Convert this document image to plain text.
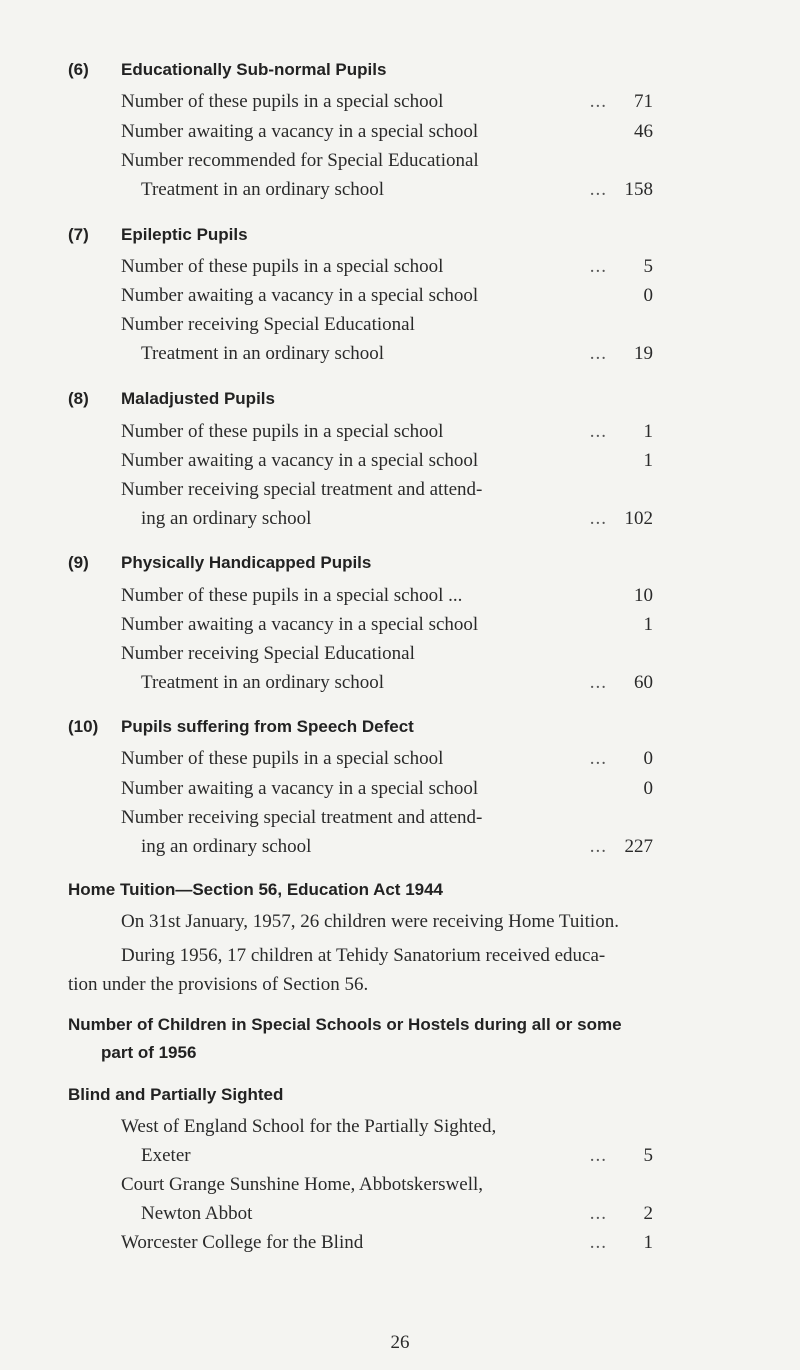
(6) Educationally Sub-normal Pupils
Number of these pupils in a special school	...	71
Number awaiting a vacancy in a special school	46
Number recommended for Special Educational
Treatment in an ordinary school	... 158
(7) Epileptic Pupils
Number of these pupils in a special school	...	5
Number awaiting a vacancy in a special school	0
Number receiving Special Educational
Treatment in an ordinary school	...	19
(8) Maladjusted Pupils
Number of these pupils in a special school	...	1
Number awaiting a vacancy in a special school	1
Number receiving special treatment and attend-
ing an ordinary school	... 102
(9) Physically Handicapped Pupils
Number of these pupils in a special school ...	10
Number awaiting a vacancy in a special school	1
Number receiving Special Educational
Treatment in an ordinary school	...	60
(10) Pupils suffering from Speech Defect
Number of these pupils in a special school	...	0
Number awaiting a vacancy in a special school	0
Number receiving special treatment and attend-
ing an ordinary school	... 227
Home Tuition—Section 56, Education Act 1944
On 31st January, 1957, 26 children were receiving Home Tuition.
During 1956, 17 children at Tehidy Sanatorium received educa-
tion under the provisions of Section 56.
Number of Children in Special Schools or Hostels during all or some
part of 1956
Blind and Partially Sighted
West of England School for the Partially Sighted,
Exeter	...	5
Court Grange Sunshine Home, Abbotskerswell,
Newton Abbot	...	2
Worcester College for the Blind	...	1
26
